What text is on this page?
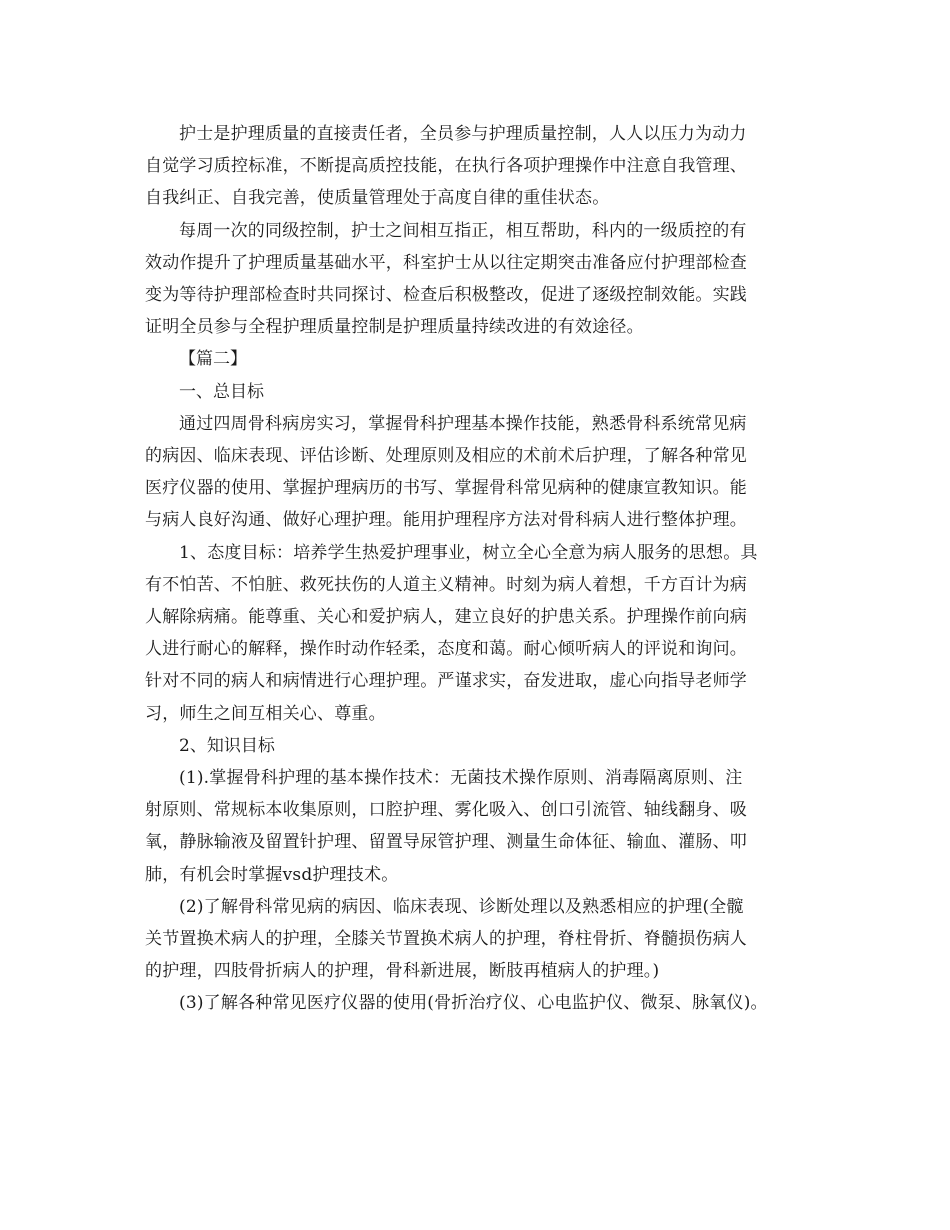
护士是护理质量的直接责任者，全员参与护理质量控制，人人以压力为动力
自觉学习质控标准，不断提高质控技能，在执行各项护理操作中注意自我管理、
自我纠正、自我完善，使质量管理处于高度自律的重佳状态。
每周一次的同级控制，护士之间相互指正，相互帮助，科内的一级质控的有
效动作提升了护理质量基础水平，科室护士从以往定期突击准备应付护理部检查
变为等待护理部检查时共同探讨、检查后积极整改，促进了逐级控制效能。实践
证明全员参与全程护理质量控制是护理质量持续改进的有效途径。
【篇二】
一、总目标
通过四周骨科病房实习，掌握骨科护理基本操作技能，熟悉骨科系统常见病
的病因、临床表现、评估诊断、处理原则及相应的术前术后护理，了解各种常见
医疗仪器的使用、掌握护理病历的书写、掌握骨科常见病种的健康宣教知识。能
与病人良好沟通、做好心理护理。能用护理程序方法对骨科病人进行整体护理。
1、态度目标：培养学生热爱护理事业，树立全心全意为病人服务的思想。具
有不怕苦、不怕脏、救死扶伤的人道主义精神。时刻为病人着想，千方百计为病
人解除病痛。能尊重、关心和爱护病人，建立良好的护患关系。护理操作前向病
人进行耐心的解释，操作时动作轻柔，态度和蔼。耐心倾听病人的评说和询问。
针对不同的病人和病情进行心理护理。严谨求实，奋发进取，虚心向指导老师学
习，师生之间互相关心、尊重。
2、知识目标
(1).掌握骨科护理的基本操作技术：无菌技术操作原则、消毒隔离原则、注
射原则、常规标本收集原则，口腔护理、雾化吸入、创口引流管、轴线翻身、吸
氧，静脉输液及留置针护理、留置导尿管护理、测量生命体征、输血、灌肠、叩
肺，有机会时掌握vsd护理技术。
(2)了解骨科常见病的病因、临床表现、诊断处理以及熟悉相应的护理(全髋
关节置换术病人的护理，全膝关节置换术病人的护理，脊柱骨折、脊髓损伤病人
的护理，四肢骨折病人的护理，骨科新进展，断肢再植病人的护理。)
(3)了解各种常见医疗仪器的使用(骨折治疗仪、心电监护仪、微泵、脉氧仪)。
